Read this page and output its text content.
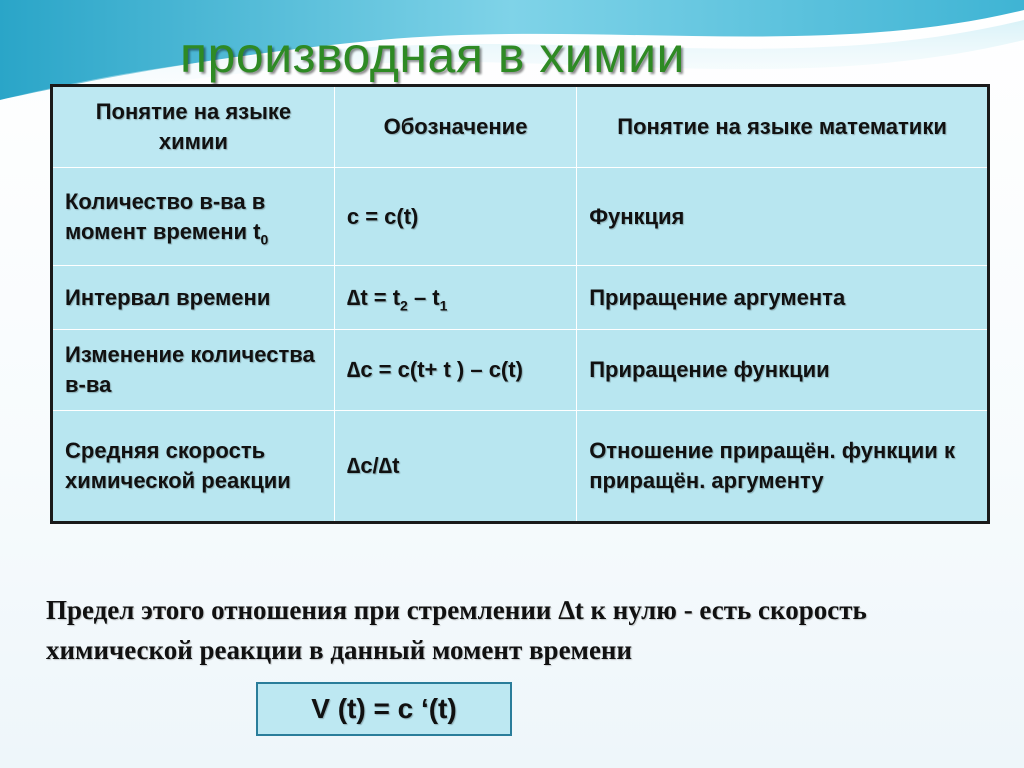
производная в химии
Понятие на языке химии	Обозначение	Понятие на языке математики
Количество в-ва в момент времени $t_0$	c = c(t)	Функция
Интервал времени	$\Delta t = t_2 - t_1$	Приращение аргумента
Изменение количества в-ва	∆c = c(t+ t ) – c(t)	Приращение функции
Средняя скорость химической реакции	∆c/∆t	Отношение приращён. функции к приращён. аргументу
Предел этого отношения при стремлении ∆t к нулю - есть скорость химической реакции в данный момент времени
V (t) = c ‘(t)
